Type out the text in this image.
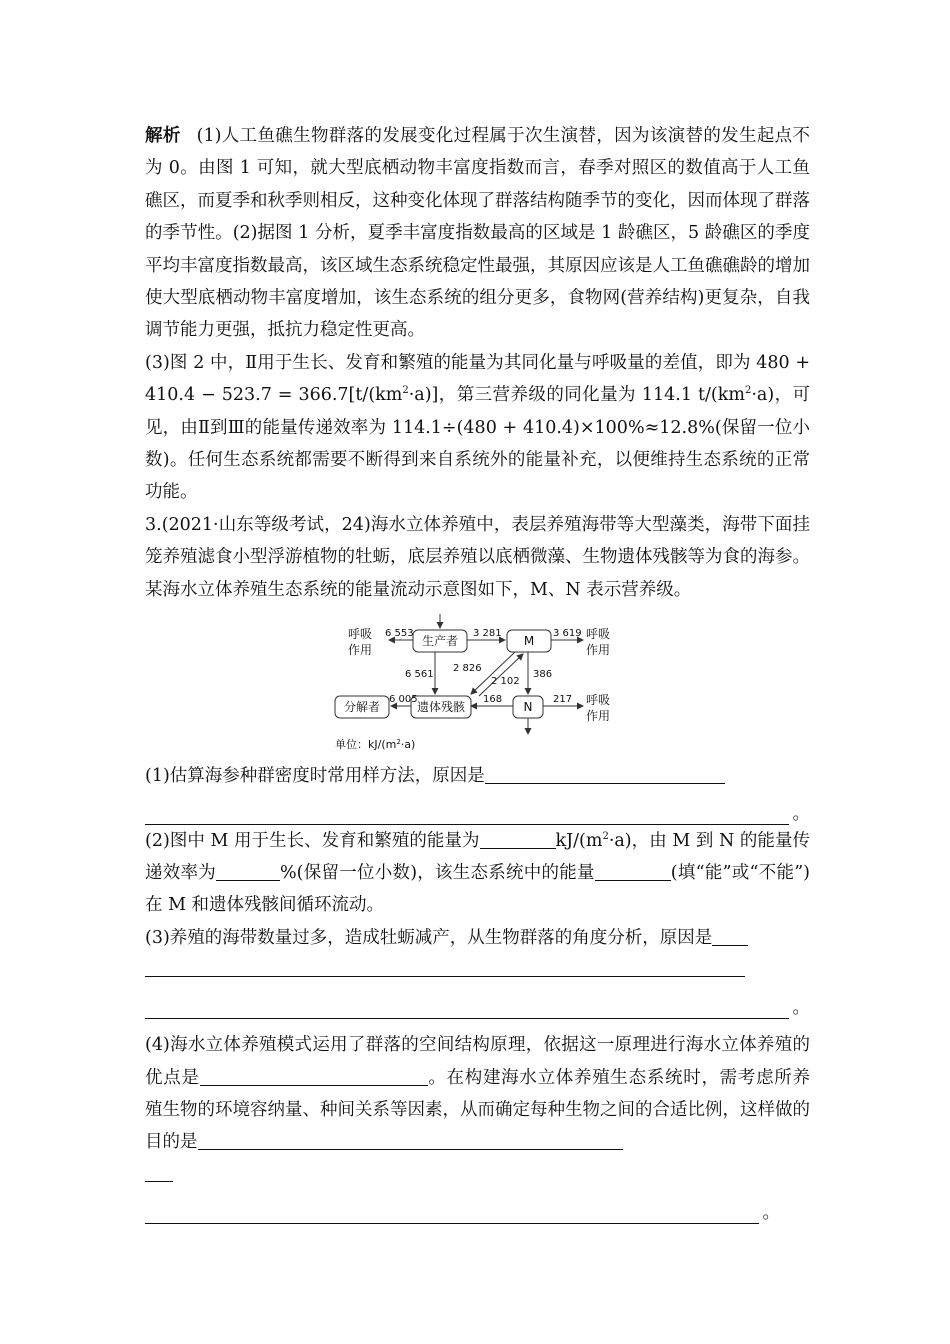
解析 (1)人工鱼礁生物群落的发展变化过程属于次生演替，因为该演替的发生起点不为 0。由图 1 可知，就大型底栖动物丰富度指数而言，春季对照区的数值高于人工鱼礁区，而夏季和秋季则相反，这种变化体现了群落结构随季节的变化，因而体现了群落的季节性。(2)据图 1 分析，夏季丰富度指数最高的区域是 1 龄礁区，5 龄礁区的季度平均丰富度指数最高，该区域生态系统稳定性最强，其原因应该是人工鱼礁礁龄的增加使大型底栖动物丰富度增加，该生态系统的组分更多，食物网(营养结构)更复杂，自我调节能力更强，抵抗力稳定性更高。

(3)图 2 中，Ⅱ用于生长、发育和繁殖的能量为其同化量与呼吸量的差值，即为 $480 + 410.4 - 523.7 = 366.7[t/(km^2\cdot a)]$，第三营养级的同化量为 114.1 $t/(km^2\cdot a)$，可见，由Ⅱ到Ⅲ的能量传递效率为 114.1÷(480 + 410.4)×100%≈12.8%(保留一位小数)。任何生态系统都需要不断得到来自系统外的能量补充，以便维持生态系统的正常功能。

3.(2021·山东等级考试，24)海水立体养殖中，表层养殖海带等大型藻类，海带下面挂笼养殖滤食小型浮游植物的牡蛎，底层养殖以底栖微藻、生物遗体残骸等为食的海参。某海水立体养殖生态系统的能量流动示意图如下，M、N 表示营养级。

生产者	M
遗体残骸	N
分解者
呼吸
作用
呼吸
作用
呼吸
作用
6 553	3 281	3 619
6 561
2 826
2 102
386
6 005	168	217
单位：$kJ/(m^2\cdot a)$

(1)估算海参种群密度时常用样方法，原因是

。

(2)图中 M 用于生长、发育和繁殖的能量为	$kJ/(m^2\cdot a)$，由 M 到 N 的能量传递效率为	%(保留一位小数)，该生态系统中的能量	(填“能”或“不能”)在 M 和遗体残骸间循环流动。

(3)养殖的海带数量过多，造成牡蛎减产，从生物群落的角度分析，原因是

。

(4)海水立体养殖模式运用了群落的空间结构原理，依据这一原理进行海水立体养殖的优点是	。在构建海水立体养殖生态系统时，需考虑所养殖生物的环境容纳量、种间关系等因素，从而确定每种生物之间的合适比例，这样做的目的是

。
